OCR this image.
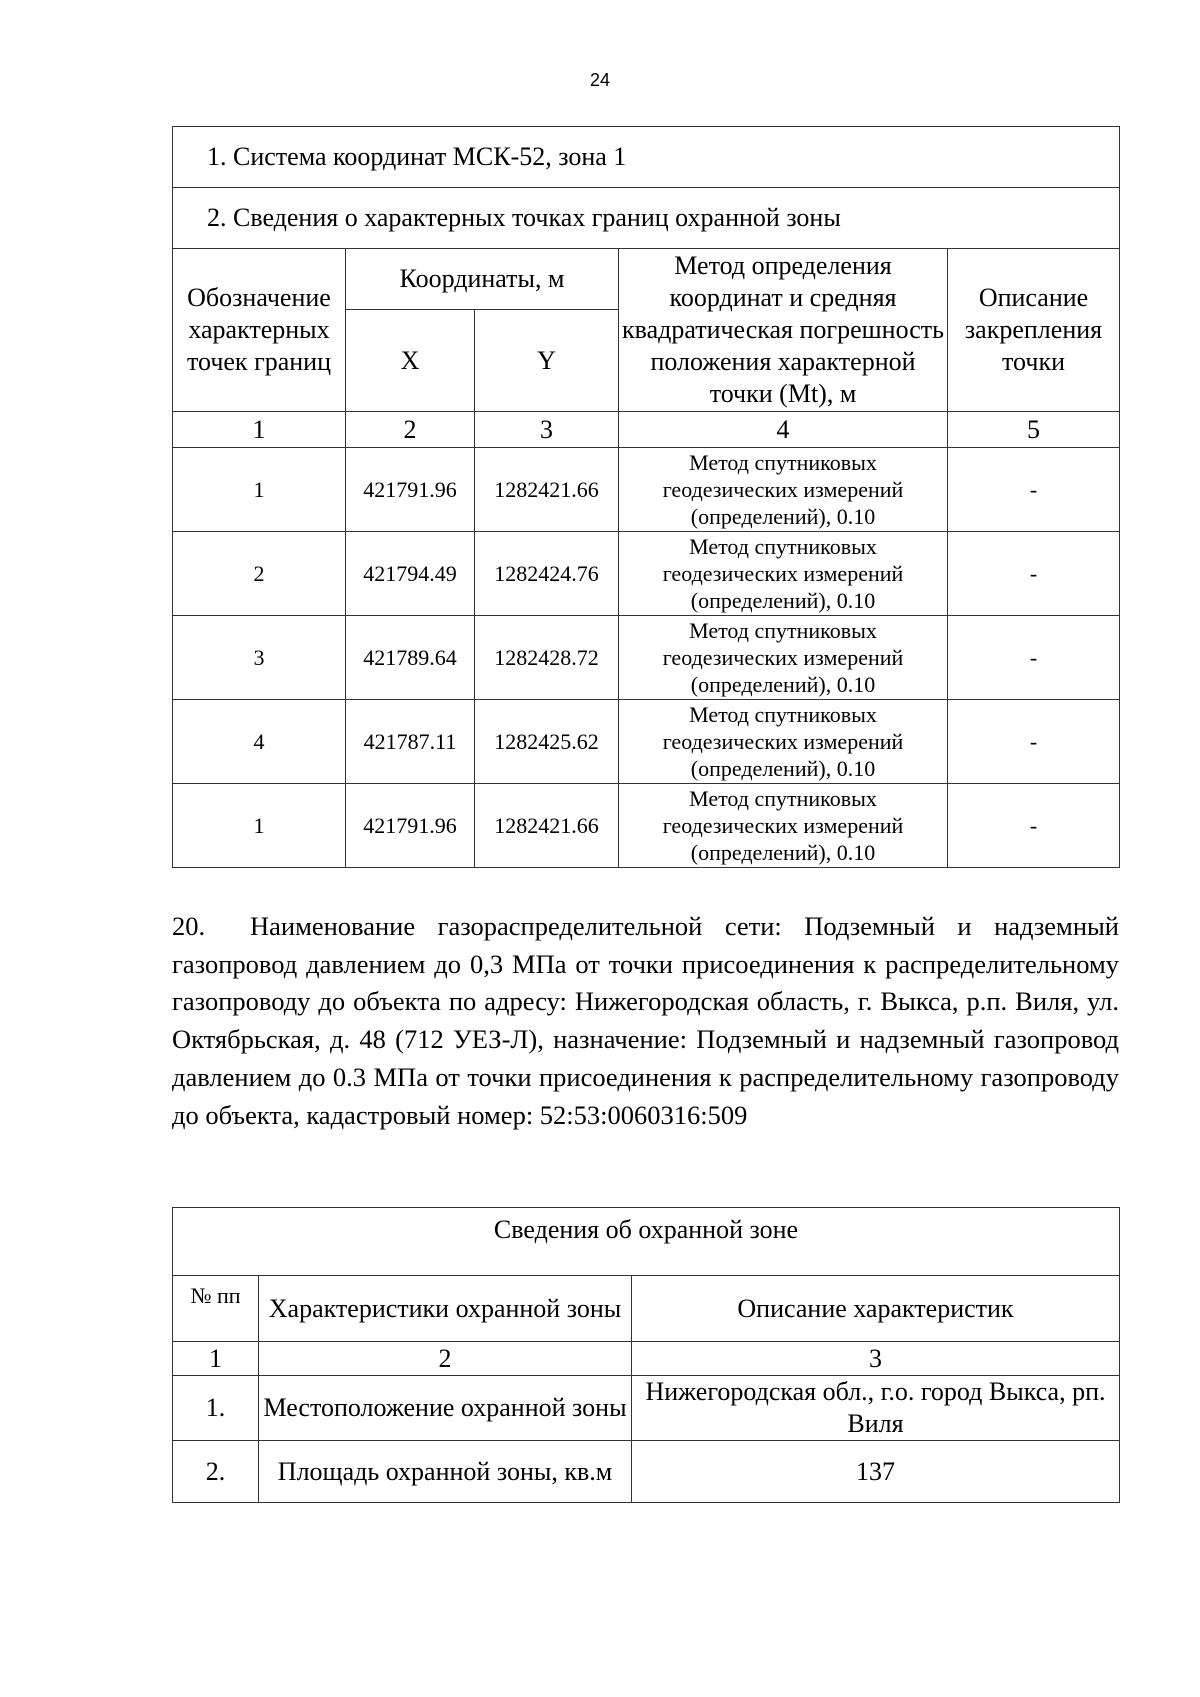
24
1. Система координат МСК-52, зона 1				
2. Сведения о характерных точках границ охранной зоны				
Обозначение характерных точек границ	Координаты, м		Метод определения координат и средняя квадратическая погрешность положения характерной точки (Mt), м	Описание закрепления точки
	X	Y		
1	2	3	4	5
1	421791.96	1282421.66	Метод спутниковых геодезических измерений (определений), 0.10	-
2	421794.49	1282424.76	Метод спутниковых геодезических измерений (определений), 0.10	-
3	421789.64	1282428.72	Метод спутниковых геодезических измерений (определений), 0.10	-
4	421787.11	1282425.62	Метод спутниковых геодезических измерений (определений), 0.10	-
1	421791.96	1282421.66	Метод спутниковых геодезических измерений (определений), 0.10	-

20. Наименование газораспределительной сети: Подземный и надземный газопровод давлением до 0,3 МПа от точки присоединения к распределительному газопроводу до объекта по адресу: Нижегородская область, г. Выкса, р.п. Виля, ул. Октябрьская, д. 48 (712 УЕЗ-Л), назначение: Подземный и надземный газопровод давлением до 0.3 МПа от точки присоединения к распределительному газопроводу до объекта, кадастровый номер: 52:53:0060316:509

Сведения об охранной зоне		
№ пп	Характеристики охранной зоны	Описание характеристик
1	2	3
1.	Местоположение охранной зоны	Нижегородская обл., г.о. город Выкса, рп. Виля
2.	Площадь охранной зоны, кв.м	137
